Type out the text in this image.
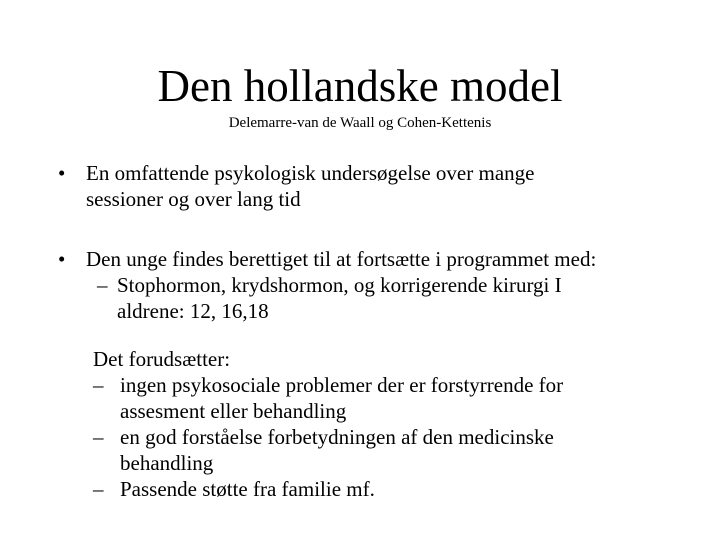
Den hollandske model
Delemarre-van de Waall og Cohen-Kettenis
• En omfattende psykologisk undersøgelse over mange
sessioner og over lang tid
• Den unge findes berettiget til at fortsætte i programmet med:
– Stophormon, krydshormon, og korrigerende kirurgi I
aldrene: 12, 16,18
Det forudsætter:
– ingen psykosociale problemer der er forstyrrende for
assesment eller behandling
– en god forståelse forbetydningen af den medicinske
behandling
– Passende støtte fra familie mf.
